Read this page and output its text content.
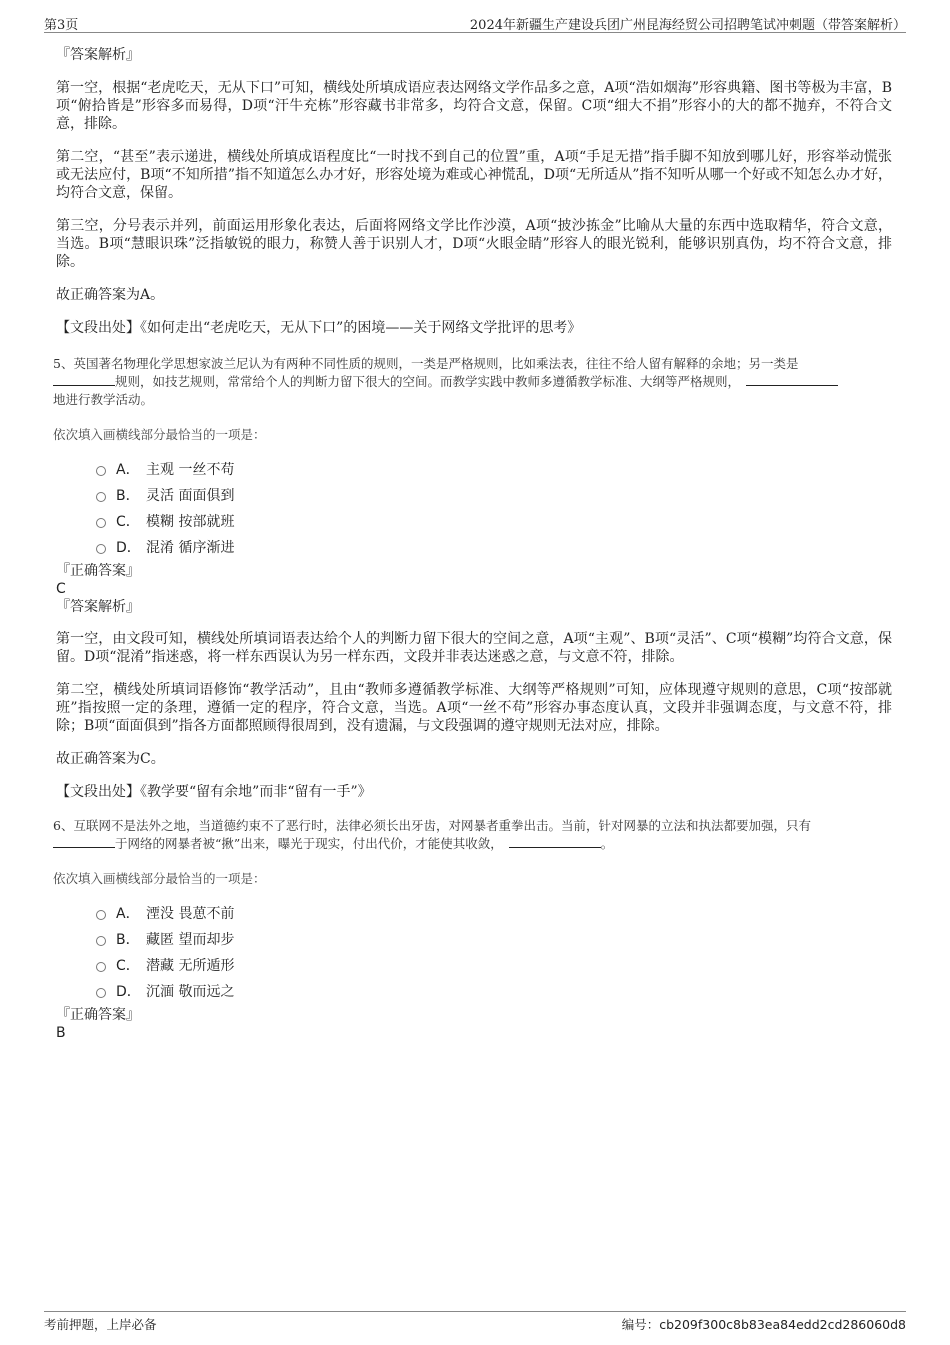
第3页	2024年新疆生产建设兵团广州昆海经贸公司招聘笔试冲刺题（带答案解析）

『答案解析』

第一空，根据“老虎吃天，无从下口”可知，横线处所填成语应表达网络文学作品多之意，A项“浩如烟海”形容典籍、图书等极为丰富，B项“俯拾皆是”形容多而易得，D项“汗牛充栋”形容藏书非常多，均符合文意，保留。C项“细大不捐”形容小的大的都不抛弃，不符合文意，排除。

第二空，“甚至”表示递进，横线处所填成语程度比“一时找不到自己的位置”重，A项“手足无措”指手脚不知放到哪儿好，形容举动慌张或无法应付，B项“不知所措”指不知道怎么办才好，形容处境为难或心神慌乱，D项“无所适从”指不知听从哪一个好或不知怎么办才好，均符合文意，保留。

第三空，分号表示并列，前面运用形象化表达，后面将网络文学比作沙漠，A项“披沙拣金”比喻从大量的东西中选取精华，符合文意，当选。B项“慧眼识珠”泛指敏锐的眼力，称赞人善于识别人才，D项“火眼金睛”形容人的眼光锐利，能够识别真伪，均不符合文意，排除。

故正确答案为A。

【文段出处】《如何走出“老虎吃天，无从下口”的困境——关于网络文学批评的思考》

5、英国著名物理化学思想家波兰尼认为有两种不同性质的规则，一类是严格规则，比如乘法表，往往不给人留有解释的余地；另一类是
规则，如技艺规则，常常给个人的判断力留下很大的空间。而教学实践中教师多遵循教学标准、大纲等严格规则，
地进行教学活动。

依次填入画横线部分最恰当的一项是：

A． 主观 一丝不苟
B． 灵活 面面俱到
C． 模糊 按部就班
D． 混淆 循序渐进

『正确答案』

C

『答案解析』

第一空，由文段可知，横线处所填词语表达给个人的判断力留下很大的空间之意，A项“主观”、B项“灵活”、C项“模糊”均符合文意，保留。D项“混淆”指迷惑，将一样东西误认为另一样东西，文段并非表达迷惑之意，与文意不符，排除。

第二空，横线处所填词语修饰“教学活动”，且由“教师多遵循教学标准、大纲等严格规则”可知，应体现遵守规则的意思，C项“按部就班”指按照一定的条理，遵循一定的程序，符合文意，当选。A项“一丝不苟”形容办事态度认真，文段并非强调态度，与文意不符，排除；B项“面面俱到”指各方面都照顾得很周到，没有遗漏，与文段强调的遵守规则无法对应，排除。

故正确答案为C。

【文段出处】《教学要“留有余地”而非“留有一手”》

6、互联网不是法外之地，当道德约束不了恶行时，法律必须长出牙齿，对网暴者重拳出击。当前，针对网暴的立法和执法都要加强，只有
于网络的网暴者被“揪”出来，曝光于现实，付出代价，才能使其收敛，	。

依次填入画横线部分最恰当的一项是：

A． 湮没 畏葸不前
B． 藏匿 望而却步
C． 潜藏 无所遁形
D． 沉湎 敬而远之

『正确答案』

B

考前押题，上岸必备	编号：cb209f300c8b83ea84edd2cd286060d8
